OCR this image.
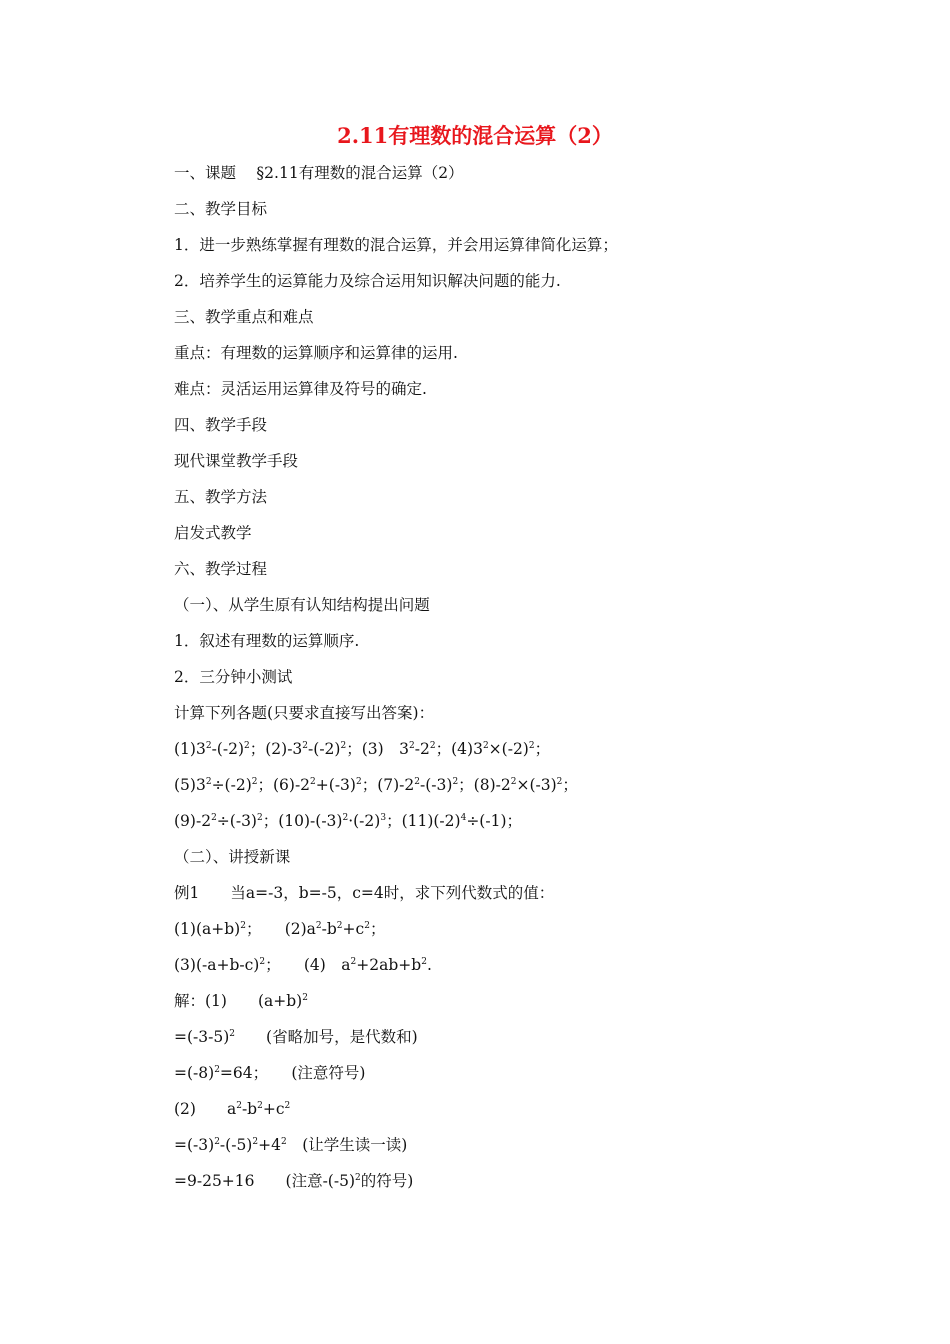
2.11有理数的混合运算（2）
一、课题　 §2.11有理数的混合运算（2）
二、教学目标
1．进一步熟练掌握有理数的混合运算，并会用运算律简化运算；
2．培养学生的运算能力及综合运用知识解决问题的能力.
三、教学重点和难点
重点：有理数的运算顺序和运算律的运用.
难点：灵活运用运算律及符号的确定.
四、教学手段
现代课堂教学手段
五、教学方法
启发式教学
六、教学过程
（一）、从学生原有认知结构提出问题
1．叙述有理数的运算顺序.
2．三分钟小测试
计算下列各题(只要求直接写出答案)：
$(1)3^2-(-2)^2$；$(2)-3^2-(-2)^2$；(3)　$3^2-2^2$；$(4)3^2\times(-2)^2$；
$(5)3^2\div(-2)^2$；$(6)-2^2+(-3)^2$；$(7)-2^2-(-3)^2$；$(8)-2^2\times(-3)^2$；
$(9)-2^2\div(-3)^2$；$(10)-(-3)^2\cdot(-2)^3$；$(11)(-2)^4\div(-1)$；
（二）、讲授新课
例1　　当a=-3，b=-5，c=4时，求下列代数式的值：
$(1)(a+b)^2$；　　$(2)a^2-b^2+c^2$；
$(3)(-a+b-c)^2$；　　(4)　$a^2+2ab+b^2$.
解：(1)　　$(a+b)^2$
$=(-3-5)^2$　　(省略加号，是代数和)
$=(-8)^2=64$；　　(注意符号)
(2)　　$a^2-b^2+c^2$
$=(-3)^2-(-5)^2+4^2$　(让学生读一读)
=9-25+16　　(注意$-(-5)^2$的符号)
